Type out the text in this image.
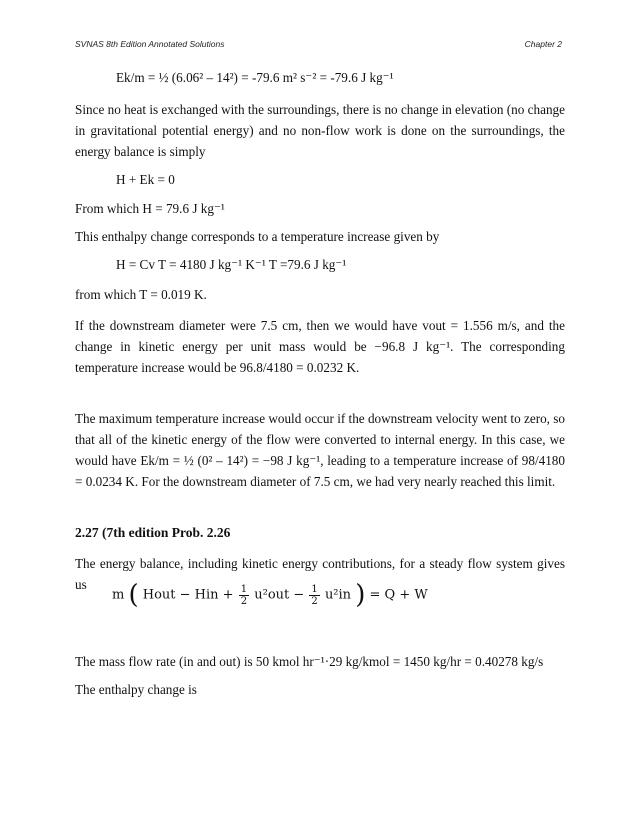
SVNAS 8th Edition Annotated Solutions	Chapter 2
Ek/m = ½ (6.06² – 14²) = -79.6 m² s⁻² = -79.6 J kg⁻¹
Since no heat is exchanged with the surroundings, there is no change in elevation (no change in gravitational potential energy) and no non-flow work is done on the surroundings, the energy balance is simply
H + Ek = 0
From which H = 79.6 J kg⁻¹
This enthalpy change corresponds to a temperature increase given by
H = Cv T = 4180 J kg⁻¹ K⁻¹ T =79.6 J kg⁻¹
from which T = 0.019 K.
If the downstream diameter were 7.5 cm, then we would have vout = 1.556 m/s, and the change in kinetic energy per unit mass would be −96.8 J kg⁻¹. The corresponding temperature increase would be 96.8/4180 = 0.0232 K.
The maximum temperature increase would occur if the downstream velocity went to zero, so that all of the kinetic energy of the flow were converted to internal energy. In this case, we would have Ek/m = ½ (0² – 14²) = −98 J kg⁻¹, leading to a temperature increase of 98/4180 = 0.0234 K. For the downstream diameter of 7.5 cm, we had very nearly reached this limit.
2.27 (7th edition Prob. 2.26
The energy balance, including kinetic energy contributions, for a steady flow system gives us
m ( Hout − Hin + $\frac{1}{2} u^2out - \frac{1}{2} u^2in$ ) = Q + W
The mass flow rate (in and out) is 50 kmol hr⁻¹·29 kg/kmol = 1450 kg/hr = 0.40278 kg/s
The enthalpy change is
